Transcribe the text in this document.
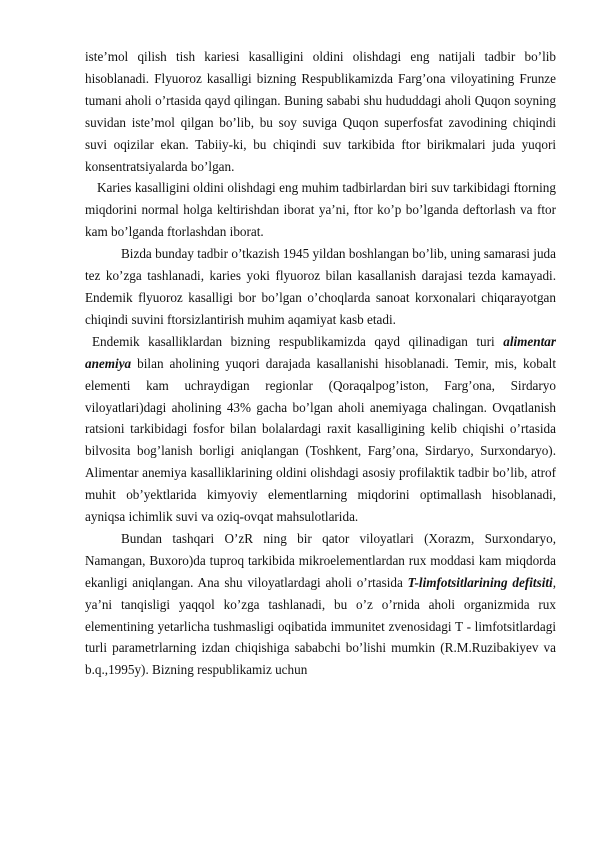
iste’mol qilish tish kariesi kasalligini oldini olishdagi eng natijali tadbir bo’lib hisoblanadi. Flyuoroz kasalligi bizning Respublikamizda Farg’ona viloyatining Frunze tumani aholi o’rtasida qayd qilingan. Buning sababi shu hududdagi aholi Quqon soyning suvidan iste’mol qilgan bo’lib, bu soy suviga Quqon superfosfat zavodining chiqindi suvi oqizilar ekan. Tabiiy-ki, bu chiqindi suv tarkibida ftor birikmalari juda yuqori konsentratsiyalarda bo’lgan.

Karies kasalligini oldini olishdagi eng muhim tadbirlardan biri suv tarkibidagi ftorning miqdorini normal holga keltirishdan iborat ya’ni, ftor ko’p bo’lganda deftorlash va ftor kam bo’lganda ftorlashdan iborat.

Bizda bunday tadbir o’tkazish 1945 yildan boshlangan bo’lib, uning samarasi juda tez ko’zga tashlanadi, karies yoki flyuoroz bilan kasallanish darajasi tezda kamayadi. Endemik flyuoroz kasalligi bor bo’lgan o’choqlarda sanoat korxonalari chiqarayotgan chiqindi suvini ftorsizlantirish muhim aqamiyat kasb etadi.

Endemik kasalliklardan bizning respublikamizda qayd qilinadigan turi alimentar anemiya bilan aholining yuqori darajada kasallanishi hisoblanadi. Temir, mis, kobalt elementi kam uchraydigan regionlar (Qoraqalpog’iston, Farg’ona, Sirdaryo viloyatlari)dagi aholining 43% gacha bo’lgan aholi anemiyaga chalingan. Ovqatlanish ratsioni tarkibidagi fosfor bilan bolalardagi raxit kasalligining kelib chiqishi o’rtasida bilvosita bog’lanish borligi aniqlangan (Toshkent, Farg’ona, Sirdaryo, Surxondaryo). Alimentar anemiya kasalliklarining oldini olishdagi asosiy profilaktik tadbir bo’lib, atrof muhit ob’yektlarida kimyoviy elementlarning miqdorini optimallash hisoblanadi, ayniqsa ichimlik suvi va oziq-ovqat mahsulotlarida.

Bundan tashqari O’zR ning bir qator viloyatlari (Xorazm, Surxondaryo, Namangan, Buxoro)da tuproq tarkibida mikroelementlardan rux moddasi kam miqdorda ekanligi aniqlangan. Ana shu viloyatlardagi aholi o’rtasida T-limfotsitlarining defitsiti, ya’ni tanqisligi yaqqol ko’zga tashlanadi, bu o’z o’rnida aholi organizmida rux elementining yetarlicha tushmasligi oqibatida immunitet zvenosidagi T - limfotsitlardagi turli parametrlarning izdan chiqishiga sababchi bo’lishi mumkin (R.M.Ruzibakiyev va b.q.,1995y). Bizning respublikamiz uchun
